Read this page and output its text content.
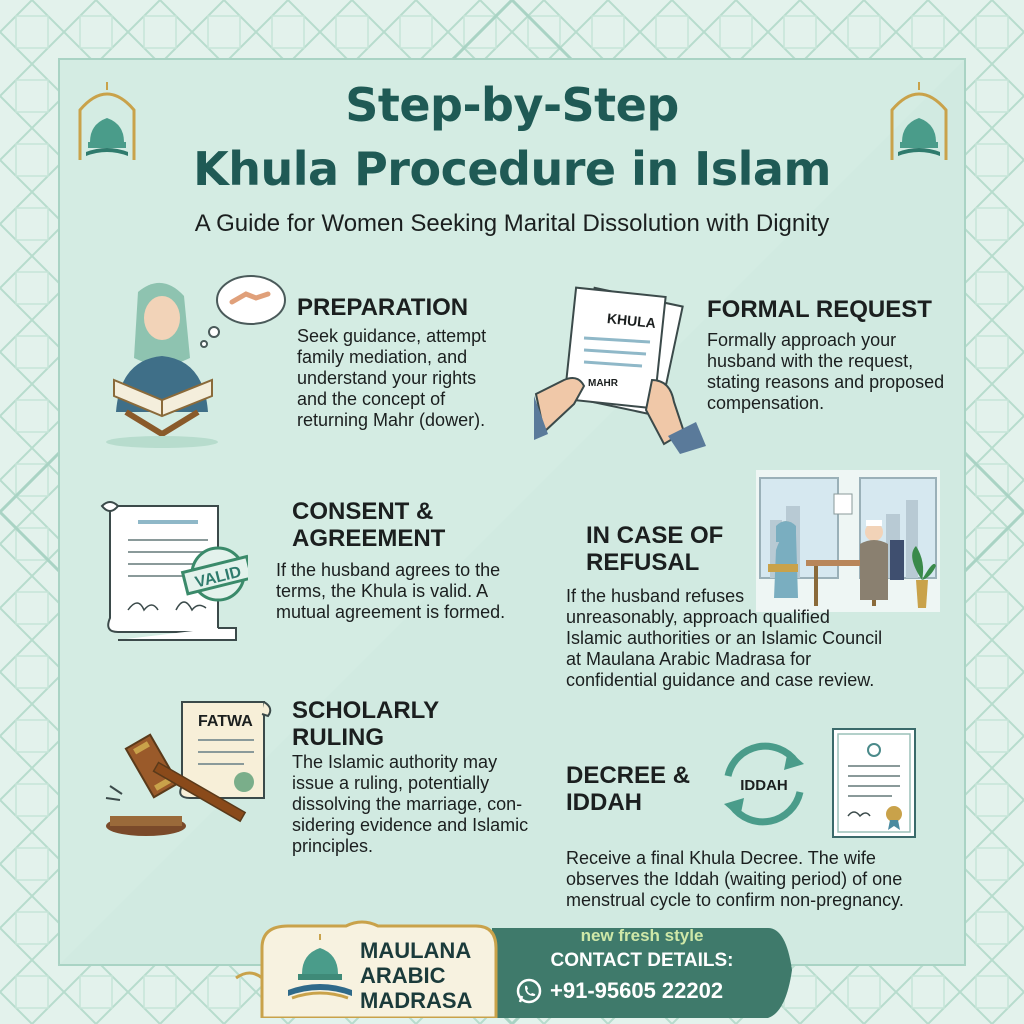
Step-by-Step
Khula Procedure in Islam
A Guide for Women Seeking Marital Dissolution with Dignity
PREPARATION
Seek guidance, attempt
family mediation, and
understand your rights
and the concept of
returning Mahr (dower).
KHULA
MAHR
FORMAL REQUEST
Formally approach your
husband with the request,
stating reasons and proposed
compensation.
VALID
CONSENT &
AGREEMENT
If the husband agrees to the
terms, the Khula is valid. A
mutual agreement is formed.
IN CASE OF
REFUSAL
If the husband refuses
unreasonably, approach qualified
Islamic authorities or an Islamic Council
at Maulana Arabic Madrasa for
confidential guidance and case review.
FATWA SCHOLARLY
RULING
The Islamic authority may
issue a ruling, potentially
dissolving the marriage, con-
sidering evidence and Islamic
principles.
IDDAH
DECREE &
IDDAH
Receive a final Khula Decree. The wife
observes the Iddah (waiting period) of one
menstrual cycle to confirm non-pregnancy.
MAULANA
ARABIC
MADRASA
new fresh style
CONTACT DETAILS:
+91-95605 22202
